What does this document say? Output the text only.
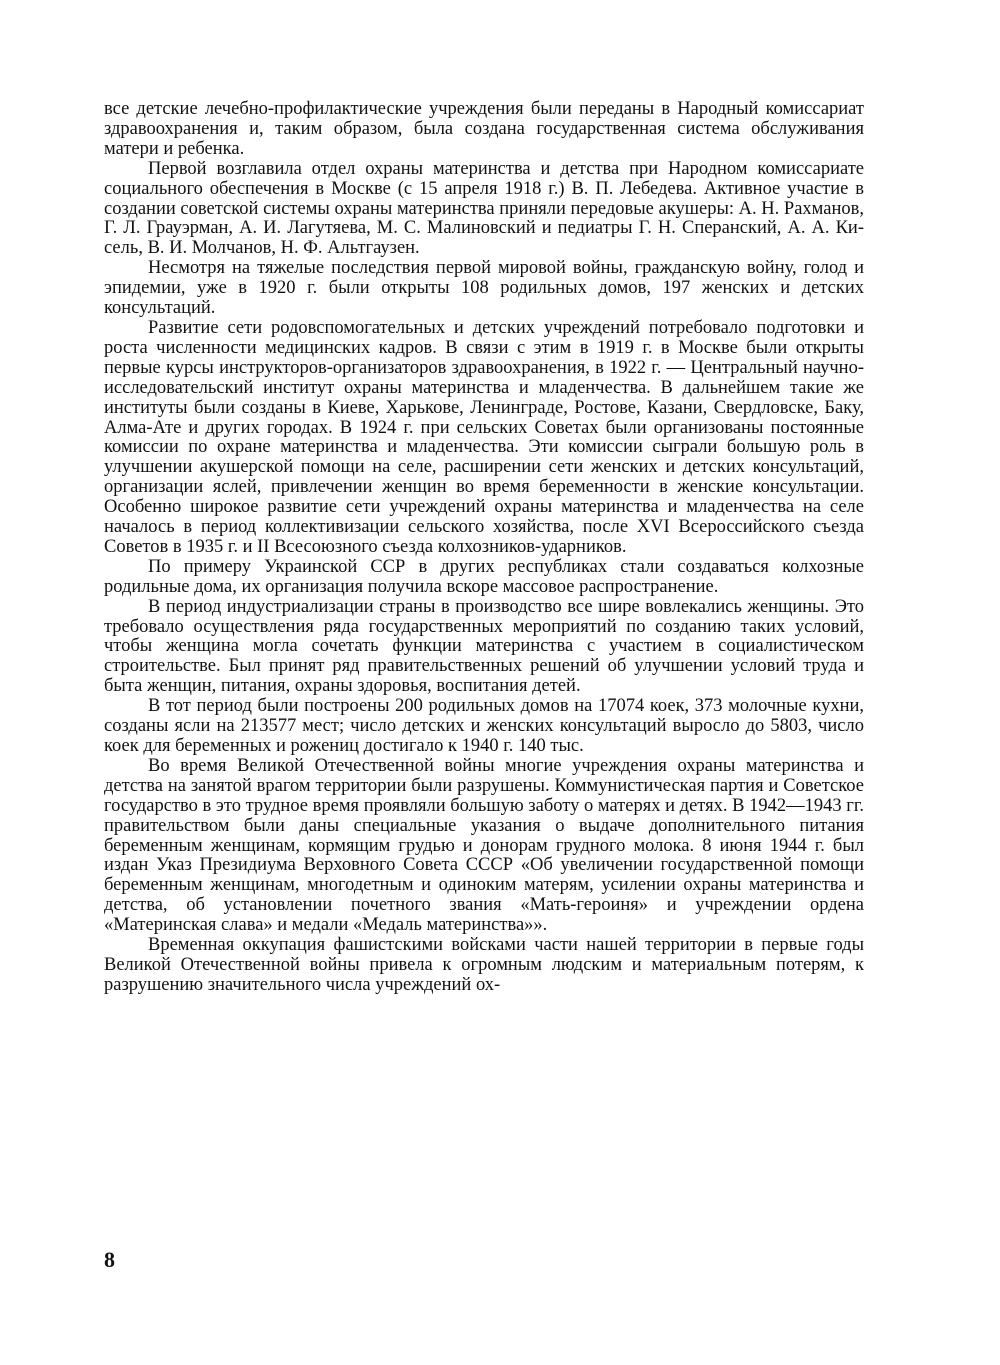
все детские лечебно-профилактические учреждения были переданы в Народный комиссариат здравоохранения и, таким образом, была создана государственная система обслуживания матери и ребенка.

Первой возглавила отдел охраны материнства и детства при Народном комиссариате социального обеспечения в Москве (с 15 апреля 1918 г.) В. П. Лебедева. Активное участие в создании советской системы охраны материнства приняли передовые акушеры: А. Н. Рахманов, Г. Л. Грауэрман, А. И. Лагутяева, М. С. Малиновский и педиатры Г. Н. Сперанский, А. А. Кисель, В. И. Молчанов, Н. Ф. Альтгаузен.

Несмотря на тяжелые последствия первой мировой войны, гражданскую войну, голод и эпидемии, уже в 1920 г. были открыты 108 родильных домов, 197 женских и детских консультаций.

Развитие сети родовспомогательных и детских учреждений потребовало подготовки и роста численности медицинских кадров. В связи с этим в 1919 г. в Москве были открыты первые курсы инструкторов-организаторов здравоохранения, в 1922 г. — Центральный научно-исследовательский институт охраны материнства и младенчества. В дальнейшем такие же институты были созданы в Киеве, Харькове, Ленинграде, Ростове, Казани, Свердловске, Баку, Алма-Ате и других городах. В 1924 г. при сельских Советах были организованы постоянные комиссии по охране материнства и младенчества. Эти комиссии сыграли большую роль в улучшении акушерской помощи на селе, расширении сети женских и детских консультаций, организации яслей, привлечении женщин во время беременности в женские консультации. Особенно широкое развитие сети учреждений охраны материнства и младенчества на селе началось в период коллективизации сельского хозяйства, после XVI Всероссийского съезда Советов в 1935 г. и II Всесоюзного съезда колхозников-ударников.

По примеру Украинской ССР в других республиках стали создаваться колхозные родильные дома, их организация получила вскоре массовое распространение.

В период индустриализации страны в производство все шире вовлекались женщины. Это требовало осуществления ряда государственных мероприятий по созданию таких условий, чтобы женщина могла сочетать функции материнства с участием в социалистическом строительстве. Был принят ряд правительственных решений об улучшении условий труда и быта женщин, питания, охраны здоровья, воспитания детей.

В тот период были построены 200 родильных домов на 17074 коек, 373 молочные кухни, созданы ясли на 213577 мест; число детских и женских консультаций выросло до 5803, число коек для беременных и рожениц достигало к 1940 г. 140 тыс.

Во время Великой Отечественной войны многие учреждения охраны материнства и детства на занятой врагом территории были разрушены. Коммунистическая партия и Советское государство в это трудное время проявляли большую заботу о матерях и детях. В 1942—1943 гг. правительством были даны специальные указания о выдаче дополнительного питания беременным женщинам, кормящим грудью и донорам грудного молока. 8 июня 1944 г. был издан Указ Президиума Верховного Совета СССР «Об увеличении государственной помощи беременным женщинам, многодетным и одиноким матерям, усилении охраны материнства и детства, об установлении почетного звания «Мать-героиня» и учреждении ордена «Материнская слава» и медали «Медаль материнства»».

Временная оккупация фашистскими войсками части нашей территории в первые годы Великой Отечественной войны привела к огромным людским и материальным потерям, к разрушению значительного числа учреждений ох-

8
